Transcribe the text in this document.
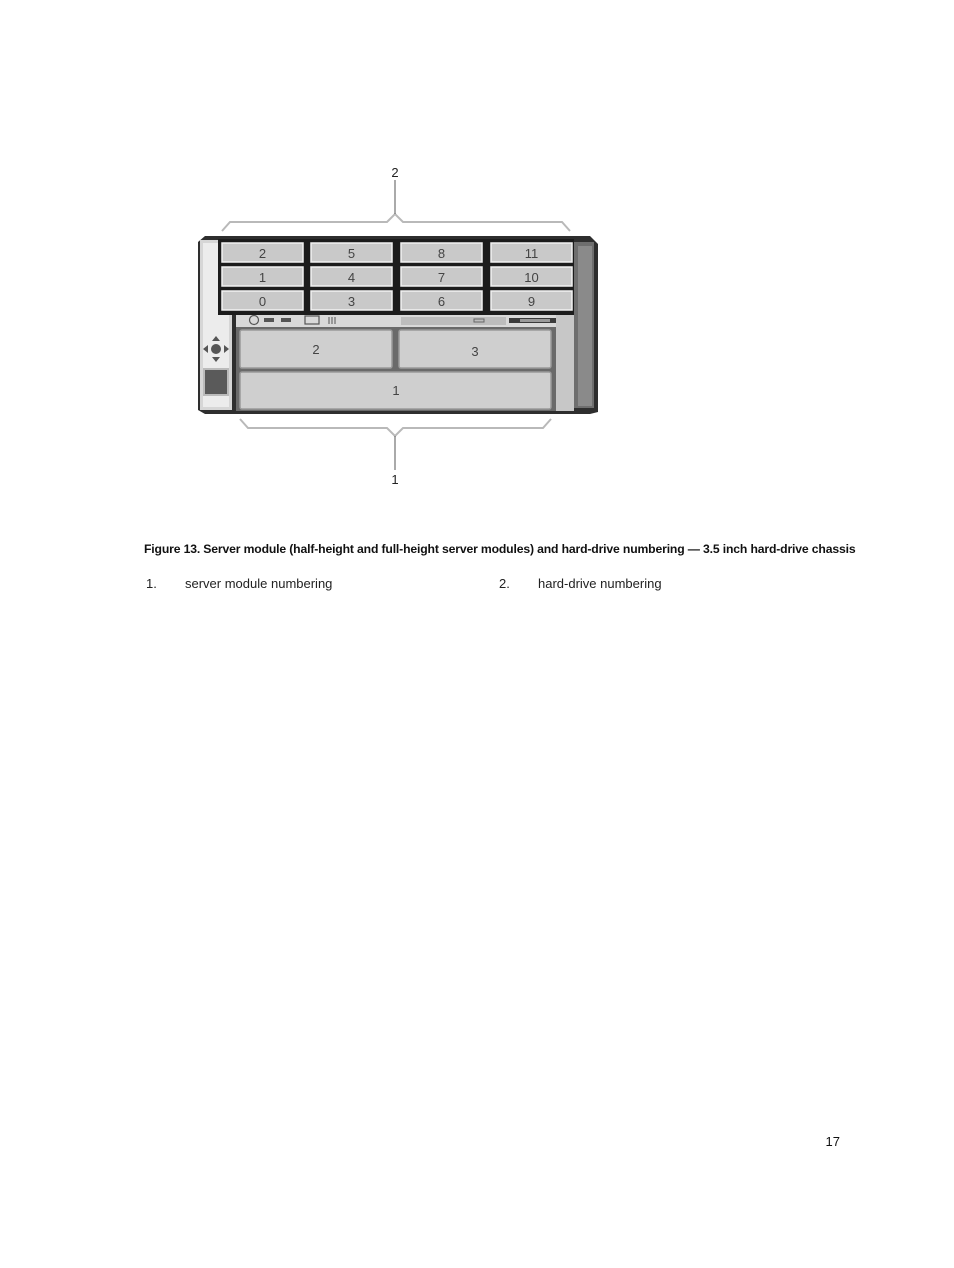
2
2	5	8	11
1	4	7	10
0	3	6	9
2	3
1
1
Figure 13. Server module (half-height and full-height server modules) and hard-drive numbering — 3.5 inch hard-drive chassis
1. server module numbering	2. hard-drive numbering
17
